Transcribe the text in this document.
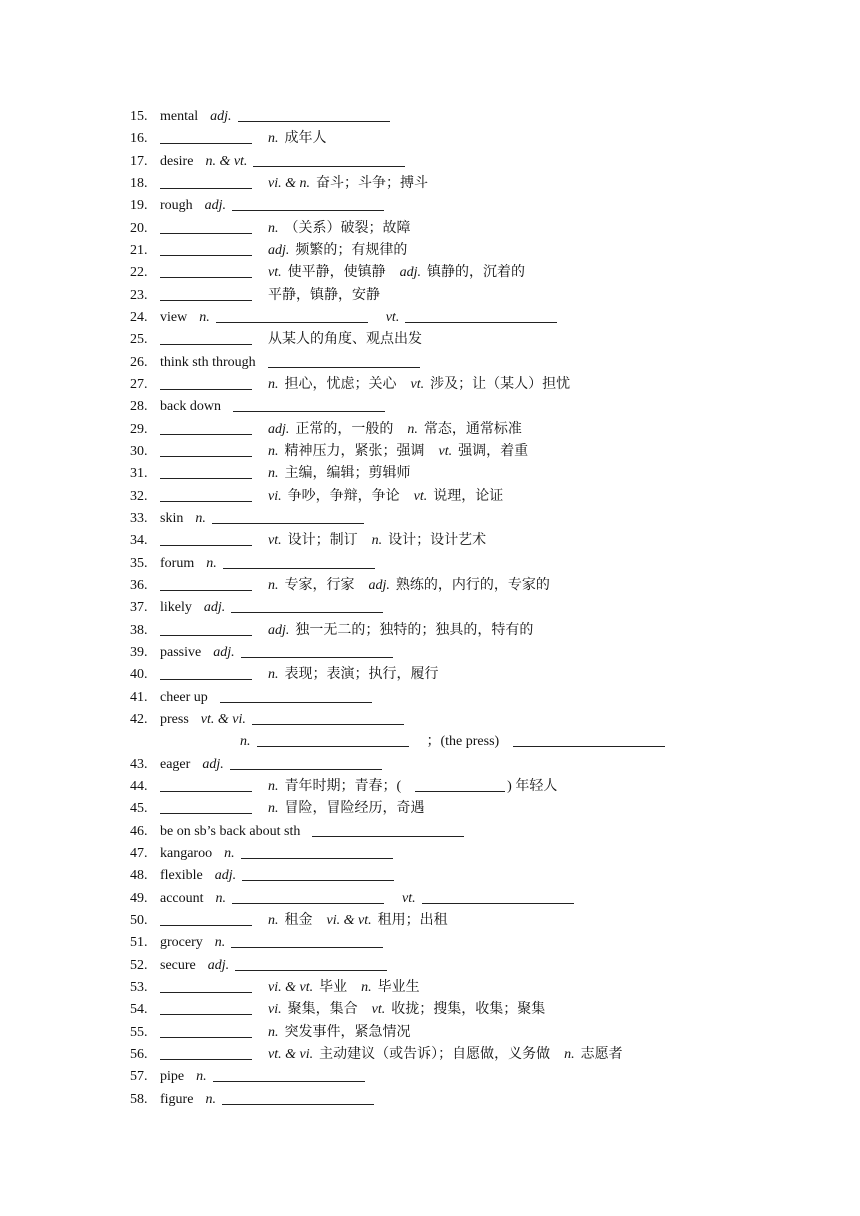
15. mental adj.
16.	n. 成年人
17. desire n. & vt.
18.	vi. & n. 奋斗；斗争；搏斗
19. rough adj.
20.	n. （关系）破裂；故障
21.	adj. 频繁的；有规律的
22.	vt. 使平静，使镇静 adj. 镇静的，沉着的
23.	平静，镇静，安静
24. view n.	vt.
25.	从某人的角度、观点出发
26. think sth through
27.	n. 担心，忧虑；关心 vt. 涉及；让（某人）担忧
28. back down
29.	adj. 正常的，一般的 n. 常态，通常标准
30.	n. 精神压力，紧张；强调 vt. 强调，着重
31.	n. 主编，编辑；剪辑师
32.	vi. 争吵，争辩，争论 vt. 说理，论证
33. skin n.
34.	vt. 设计；制订 n. 设计；设计艺术
35. forum n.
36.	n. 专家，行家 adj. 熟练的，内行的，专家的
37. likely adj.
38.	adj. 独一无二的；独特的；独具的，特有的
39. passive adj.
40.	n. 表现；表演；执行，履行
41. cheer up
42. press vt. & vi.
n.	；(the press)
43. eager adj.
44.	n. 青年时期；青春；(	) 年轻人
45.	n. 冒险，冒险经历，奇遇
46. be on sb’s back about sth
47. kangaroo n.
48. flexible adj.
49. account n.	vt.
50.	n. 租金 vi. & vt. 租用；出租
51. grocery n.
52. secure adj.
53.	vi. & vt. 毕业 n. 毕业生
54.	vi. 聚集，集合 vt. 收拢；搜集，收集；聚集
55.	n. 突发事件，紧急情况
56.	vt. & vi. 主动建议（或告诉）；自愿做，义务做 n. 志愿者
57. pipe n.
58. figure n.
